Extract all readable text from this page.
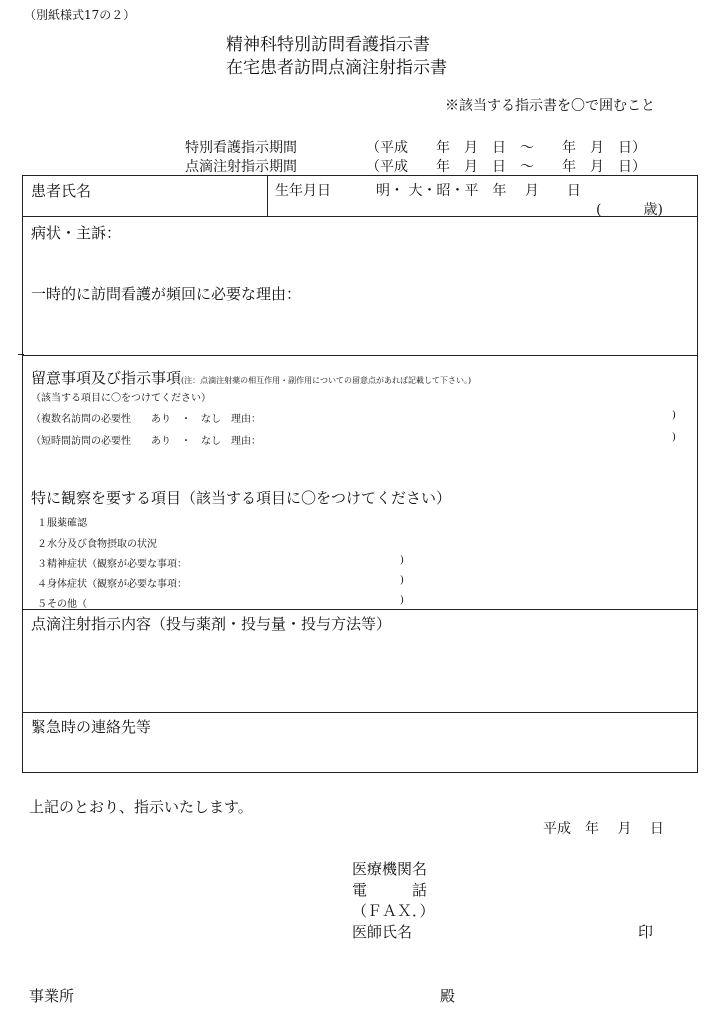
（別紙様式17の２）
精神科特別訪問看護指示書
在宅患者訪問点滴注射指示書
※該当する指示書を〇で囲むこと
特別看護指示期間	（平成　　年　月　日　～　　年　月　日）
点滴注射指示期間	（平成　　年　月　日　～　　年　月　日）
患者氏名	生年月日	明・ 大・昭・平　年　 月　　日
(　　　歳)
病状・主訴：
一時的に訪問看護が頻回に必要な理由：
留意事項及び指示事項(注：点滴注射薬の相互作用・副作用についての留意点があれば記載して下さい。)
（該当する項目に〇をつけてください）
（複数名訪問の必要性　　あり　・　なし　理由：	)
（短時間訪問の必要性　　あり　・　なし　理由：	)
特に観察を要する項目（該当する項目に〇をつけてください）
１服薬確認
２水分及び食物摂取の状況
３精神症状（観察が必要な事項：	)
４身体症状（観察が必要な事項：	)
５その他（	)
点滴注射指示内容（投与薬剤・投与量・投与方法等）
緊急時の連絡先等
上記のとおり、指示いたします。
平成　年　 月　 日
医療機関名
電　　　話
（ＦＡＸ．）
医師氏名	印
事業所	殿
